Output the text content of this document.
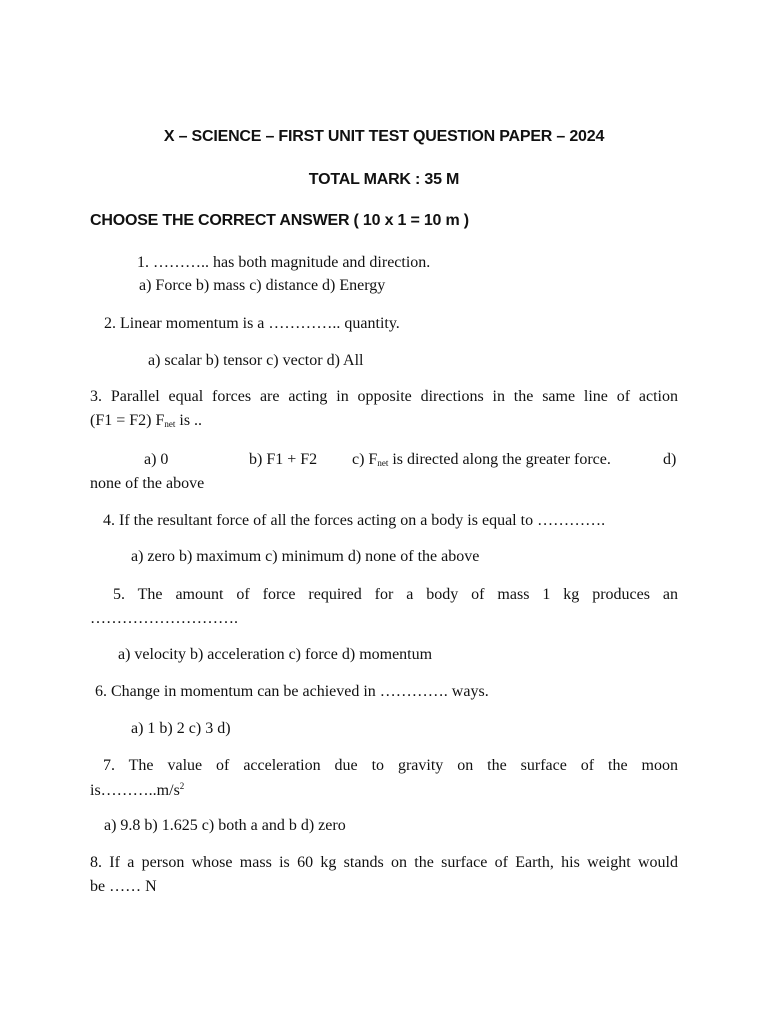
X – SCIENCE – FIRST UNIT TEST QUESTION PAPER – 2024
TOTAL MARK : 35 M
CHOOSE THE CORRECT ANSWER ( 10 x 1 = 10 m )
1. ……….. has both magnitude and direction.
a) Force b) mass c) distance d) Energy
2. Linear momentum is a ………….. quantity.
a) scalar b) tensor c) vector d) All
3. Parallel equal forces are acting in opposite directions in the same line of action
(F1 = F2) $F_{net}$ is ..
a) 0	b) F1 + F2 c) $F_{net}$ is directed along the greater force.	d)
none of the above
4. If the resultant force of all the forces acting on a body is equal to ………….
a) zero b) maximum c) minimum d) none of the above
5. The amount of force required for a body of mass 1 kg produces an
……………………….
a) velocity b) acceleration c) force d) momentum
6. Change in momentum can be achieved in …………. ways.
a) 1 b) 2 c) 3 d)
7. The value of acceleration due to gravity on the surface of the moon
$is\dots\dots\dots..m/s^2$
a) 9.8 b) 1.625 c) both a and b d) zero
8. If a person whose mass is 60 kg stands on the surface of Earth, his weight would
be …… N
